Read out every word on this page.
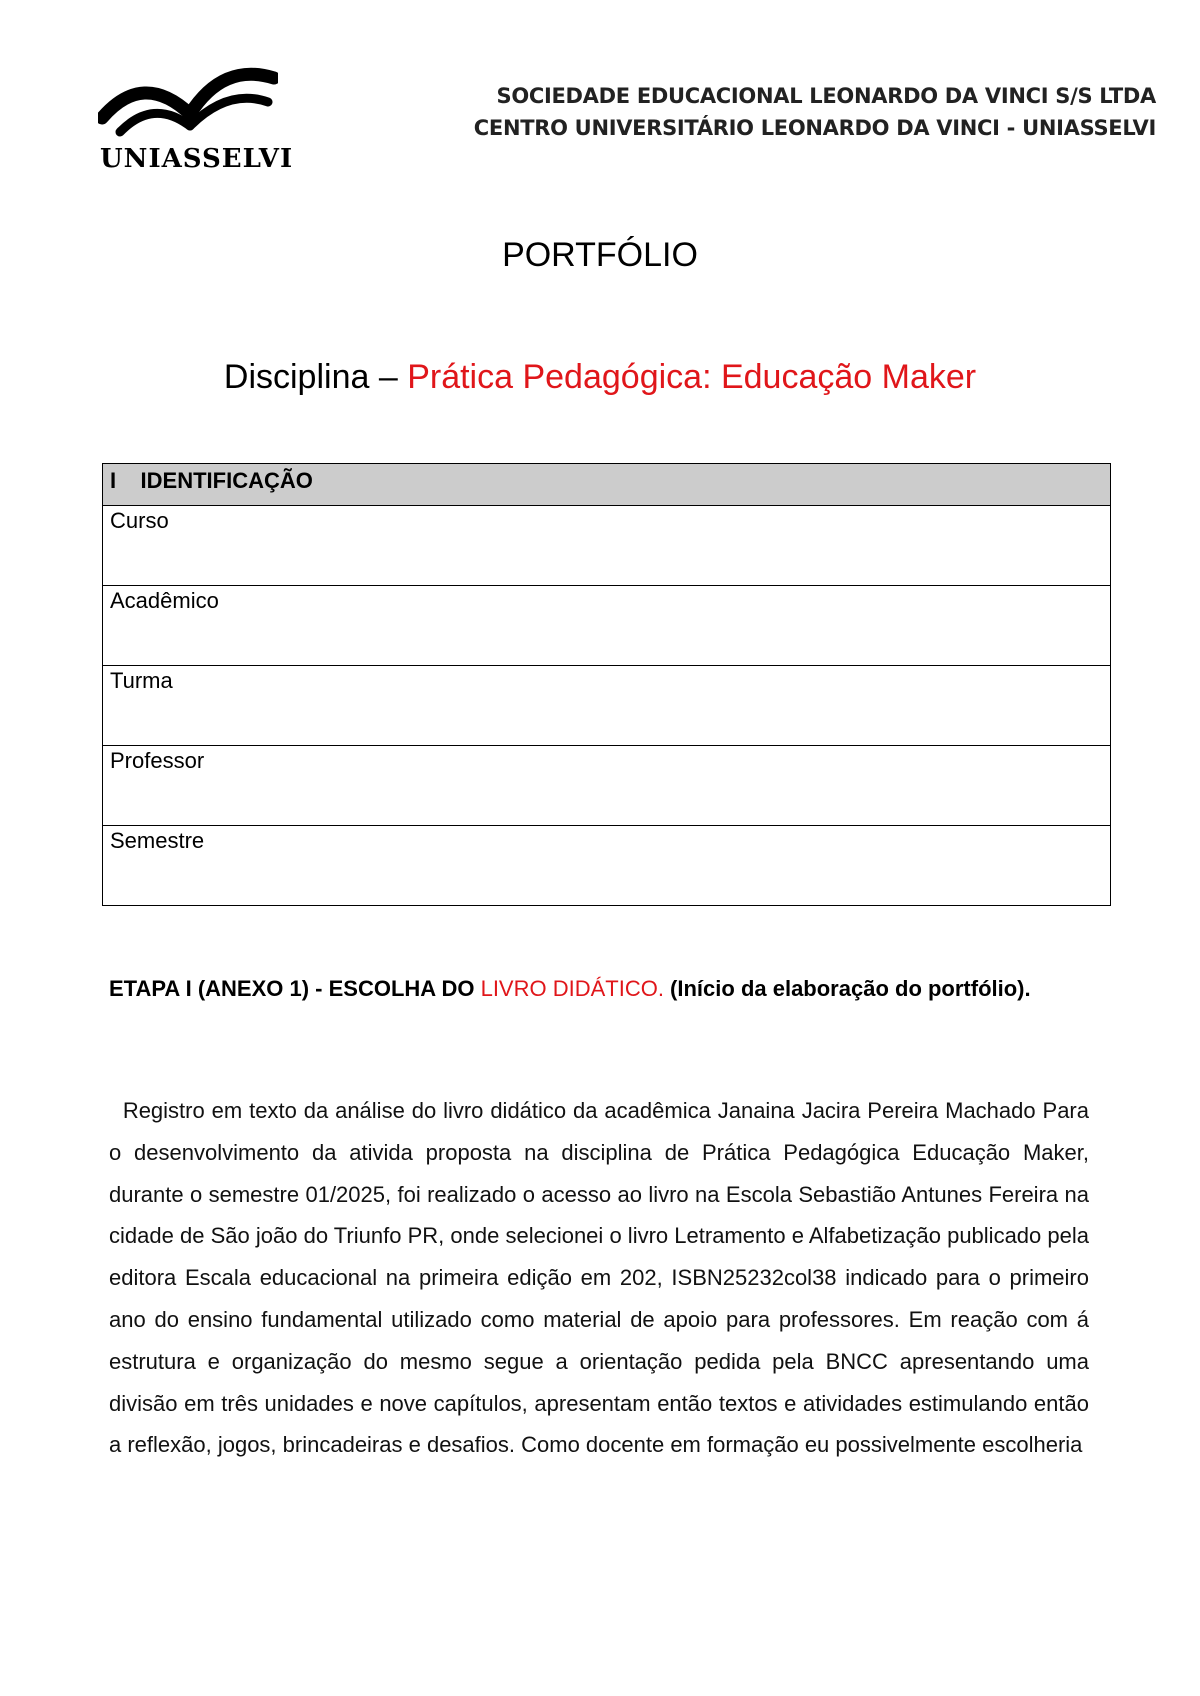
UNIASSELVI
SOCIEDADE EDUCACIONAL LEONARDO DA VINCI S/S LTDA
CENTRO UNIVERSITÁRIO LEONARDO DA VINCI - UNIASSELVI
PORTFÓLIO
Disciplina – Prática Pedagógica: Educação Maker
I    IDENTIFICAÇÃO
Curso
Acadêmico
Turma
Professor
Semestre
ETAPA I (ANEXO 1) - ESCOLHA DO LIVRO DIDÁTICO. (Início da elaboração do portfólio).
Registro em texto da análise do livro didático da acadêmica Janaina Jacira Pereira Machado Para o desenvolvimento da ativida proposta na disciplina de Prática Pedagógica Educação Maker, durante o semestre 01/2025, foi realizado o acesso ao livro na Escola Sebastião Antunes Fereira na cidade de São joão do Triunfo PR, onde selecionei o livro Letramento e Alfabetização publicado pela editora Escala educacional na primeira edição em 202, ISBN25232col38 indicado para o primeiro ano do ensino fundamental utilizado como material de apoio para professores. Em reação com á estrutura e organização do mesmo segue a orientação pedida pela BNCC apresentando uma divisão em três unidades e nove capítulos, apresentam então textos e atividades estimulando então a reflexão, jogos, brincadeiras e desafios. Como docente em formação eu possivelmente escolheria
